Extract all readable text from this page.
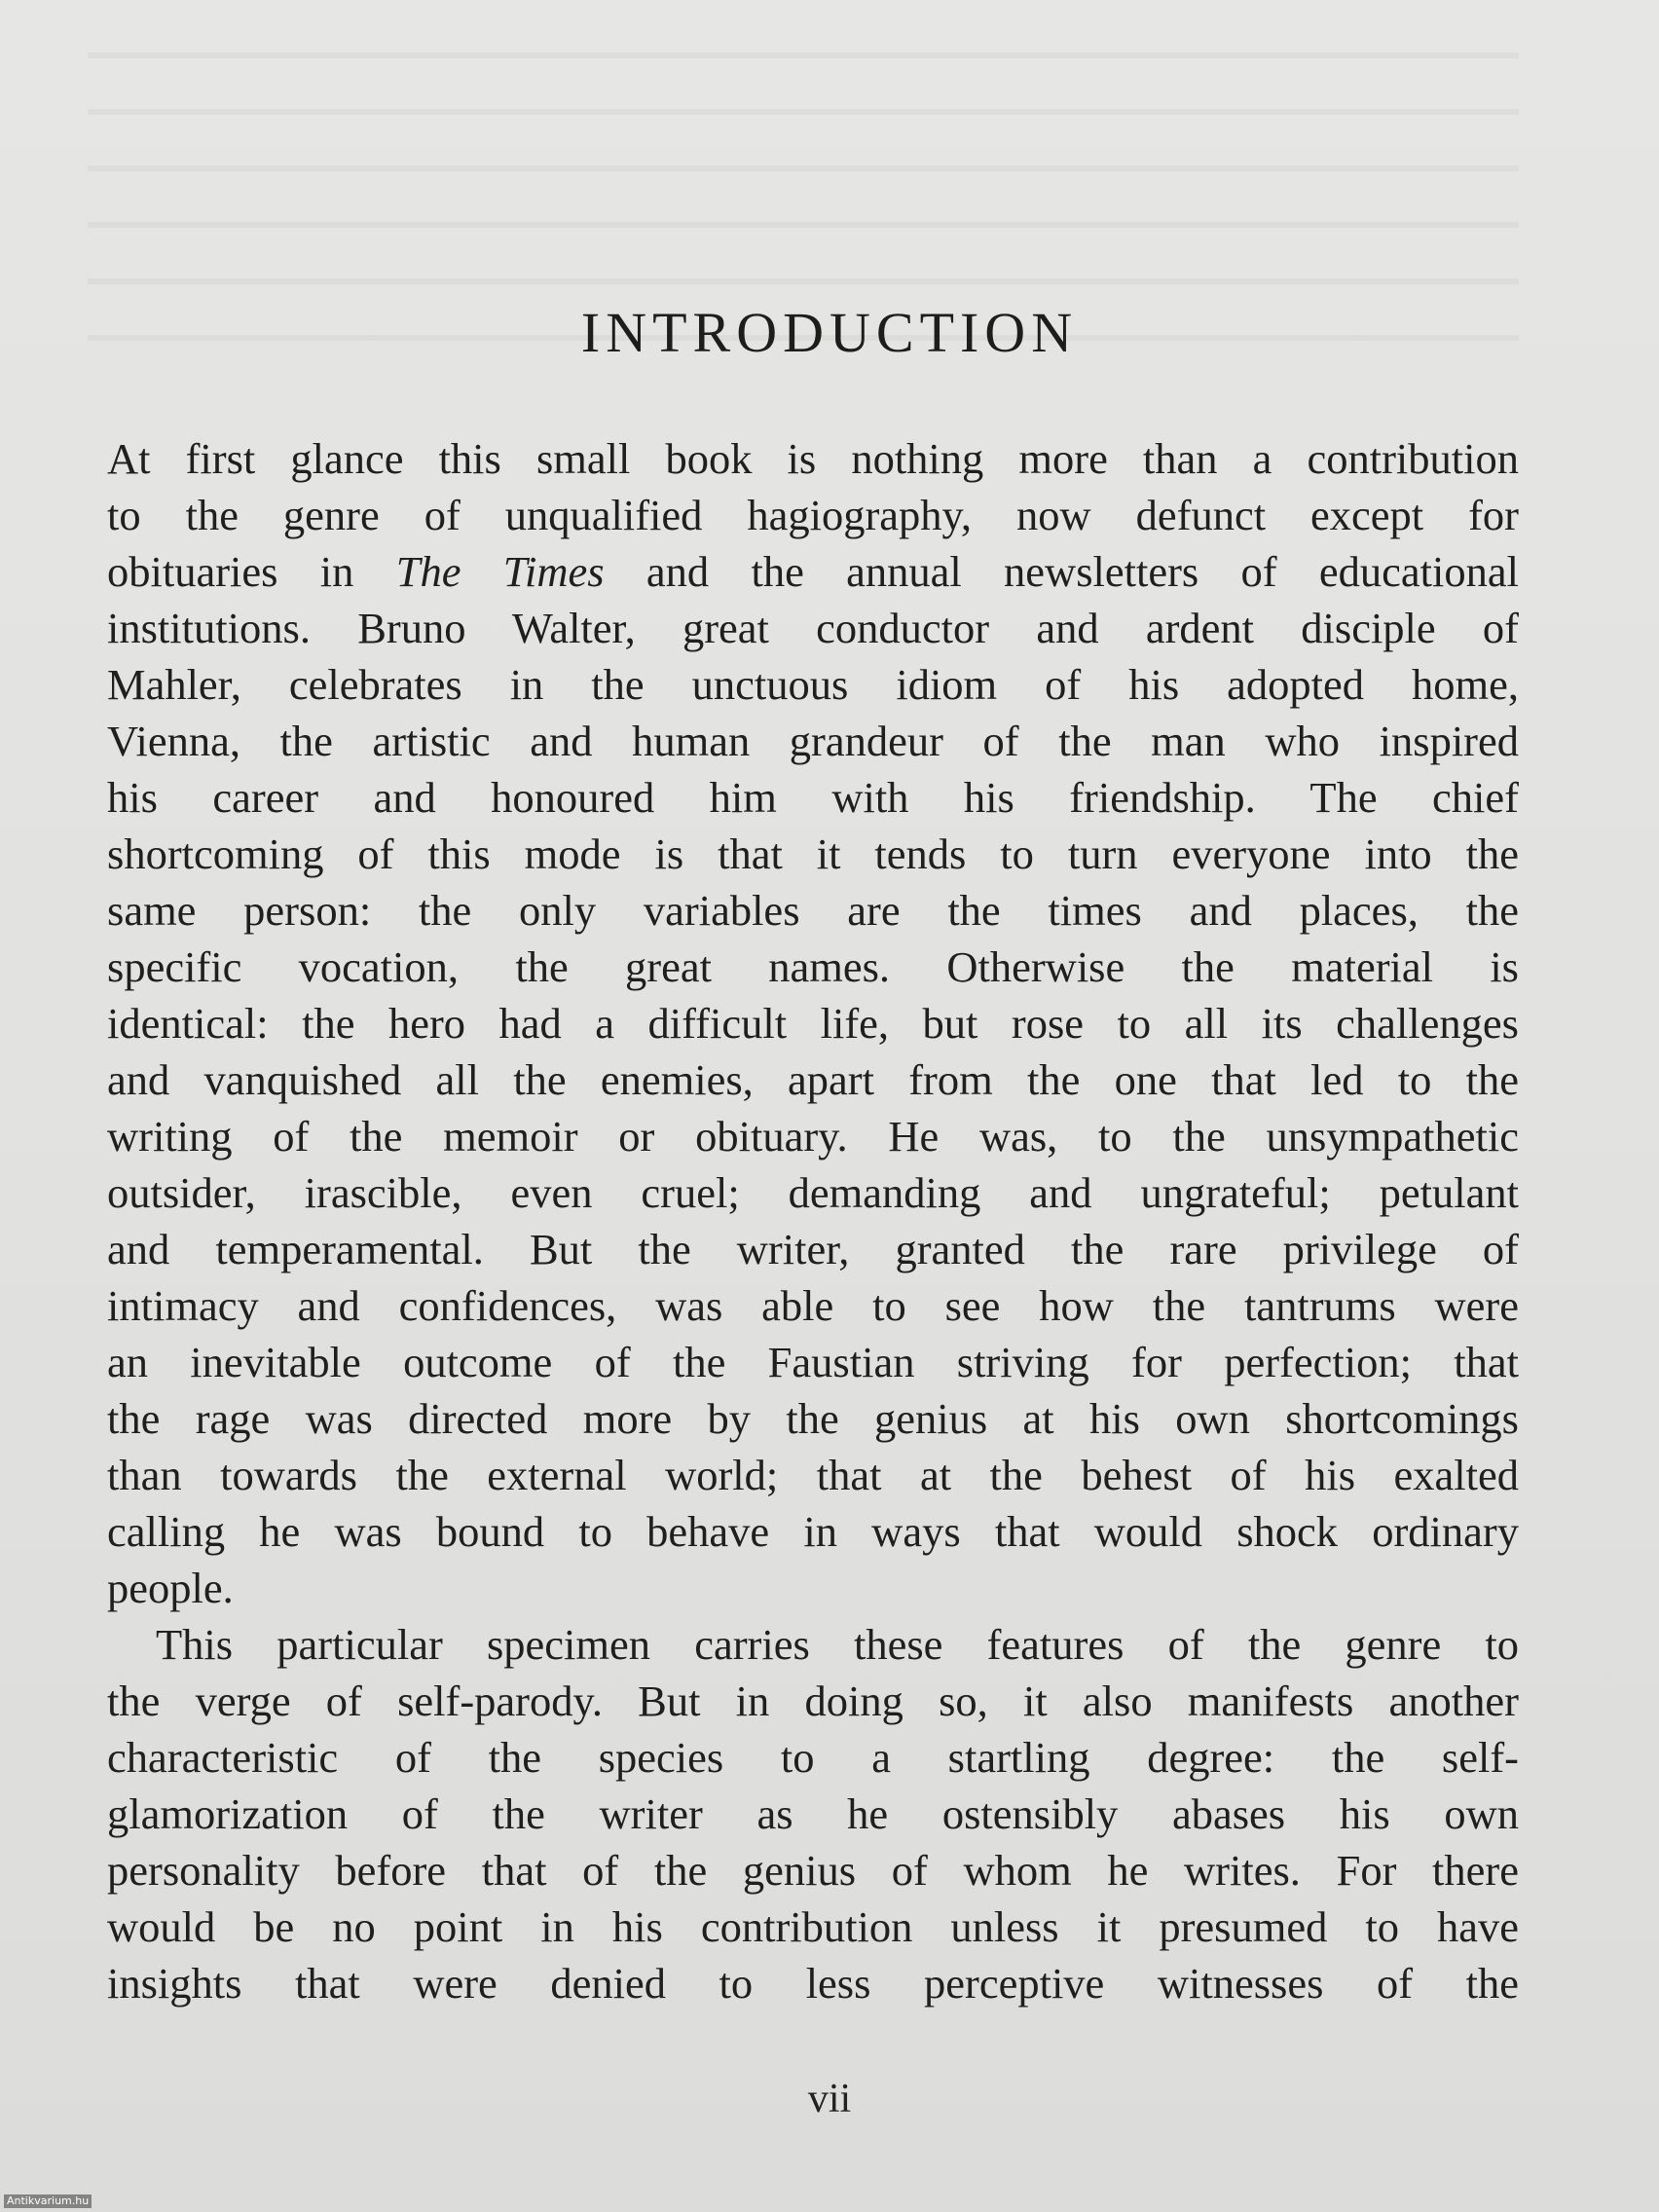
INTRODUCTION
At first glance this small book is nothing more than a contribution
to the genre of unqualified hagiography, now defunct except for
obituaries in The Times and the annual newsletters of educational
institutions. Bruno Walter, great conductor and ardent disciple of
Mahler, celebrates in the unctuous idiom of his adopted home,
Vienna, the artistic and human grandeur of the man who inspired
his career and honoured him with his friendship. The chief
shortcoming of this mode is that it tends to turn everyone into the
same person: the only variables are the times and places, the
specific vocation, the great names. Otherwise the material is
identical: the hero had a difficult life, but rose to all its challenges
and vanquished all the enemies, apart from the one that led to the
writing of the memoir or obituary. He was, to the unsympathetic
outsider, irascible, even cruel; demanding and ungrateful; petulant
and temperamental. But the writer, granted the rare privilege of
intimacy and confidences, was able to see how the tantrums were
an inevitable outcome of the Faustian striving for perfection; that
the rage was directed more by the genius at his own shortcomings
than towards the external world; that at the behest of his exalted
calling he was bound to behave in ways that would shock ordinary
people.
This particular specimen carries these features of the genre to
the verge of self-parody. But in doing so, it also manifests another
characteristic of the species to a startling degree: the self-
glamorization of the writer as he ostensibly abases his own
personality before that of the genius of whom he writes. For there
would be no point in his contribution unless it presumed to have
insights that were denied to less perceptive witnesses of the
vii
Antikvarium.hu
